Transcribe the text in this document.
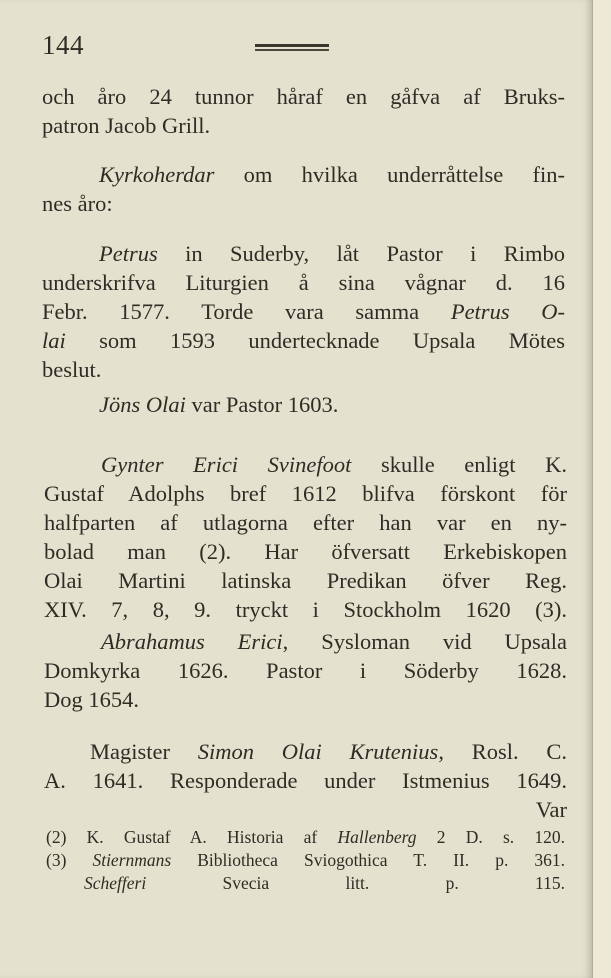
144
och åro 24 tunnor håraf en gåfva af Bruks-
patron Jacob Grill.
Kyrkoherdar om hvilka underråttelse fin-
nes åro:
Petrus in Suderby, låt Pastor i Rimbo
underskrifva Liturgien å sina vågnar d. 16
Febr. 1577. Torde vara samma Petrus O-
lai som 1593 undertecknade Upsala Mötes
beslut.
Jöns Olai var Pastor 1603.
Gynter Erici Svinefoot skulle enligt K.
Gustaf Adolphs bref 1612 blifva förskont för
halfparten af utlagorna efter han var en ny-
bolad man (2). Har öfversatt Erkebiskopen
Olai Martini latinska Predikan öfver Reg.
XIV. 7, 8, 9. tryckt i Stockholm 1620 (3).
Abrahamus Erici, Sysloman vid Upsala
Domkyrka 1626. Pastor i Söderby 1628.
Dog 1654.
Magister Simon Olai Krutenius, Rosl. C.
A. 1641. Responderade under Istmenius 1649.
Var
(2) K. Gustaf A. Historia af Hallenberg 2 D. s. 120.
(3) Stiernmans Bibliotheca Sviogothica T. II. p. 361.
Schefferi Svecia litt. p. 115.
